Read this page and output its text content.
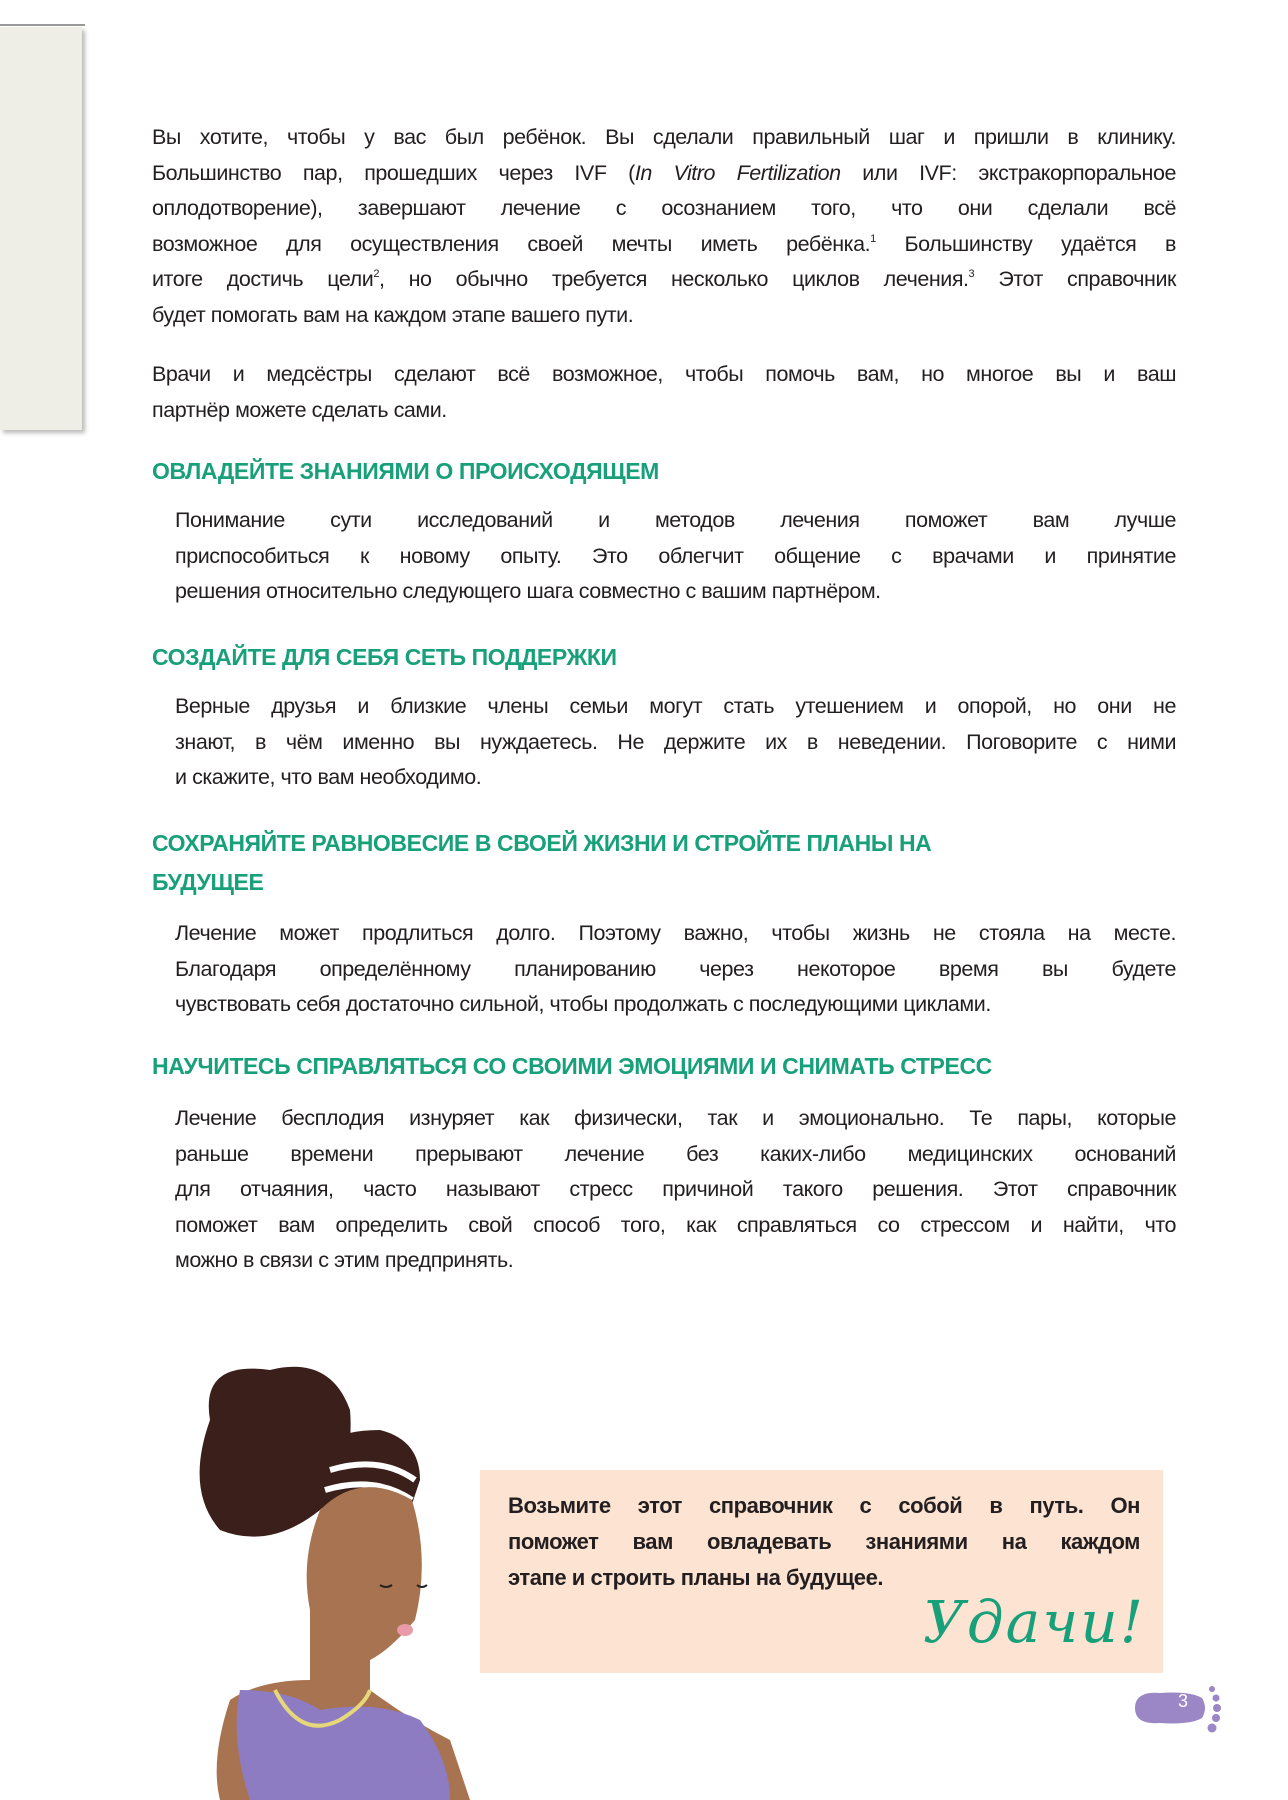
Вы хотите, чтобы у вас был ребёнок. Вы сделали правильный шаг и пришли в клинику.
Большинство пар, прошедших через IVF (In Vitro Fertilization или IVF: экстракорпоральное
оплодотворение), завершают лечение с осознанием того, что они сделали всё
возможное для осуществления своей мечты иметь ребёнка.$^1$ Большинству удаётся в
итоге достичь цели$^2$, но обычно требуется несколько циклов лечения.$^3$ Этот справочник
будет помогать вам на каждом этапе вашего пути.
Врачи и медсёстры сделают всё возможное, чтобы помочь вам, но многое вы и ваш
партнёр можете сделать сами.
ОВЛАДЕЙТЕ ЗНАНИЯМИ О ПРОИСХОДЯЩЕМ
Понимание сути исследований и методов лечения поможет вам лучше
приспособиться к новому опыту. Это облегчит общение с врачами и принятие
решения относительно следующего шага совместно с вашим партнёром.
СОЗДАЙТЕ ДЛЯ СЕБЯ СЕТЬ ПОДДЕРЖКИ
Верные друзья и близкие члены семьи могут стать утешением и опорой, но они не
знают, в чём именно вы нуждаетесь. Не держите их в неведении. Поговорите с ними
и скажите, что вам необходимо.
СОХРАНЯЙТЕ РАВНОВЕСИЕ В СВОЕЙ ЖИЗНИ И СТРОЙТЕ ПЛАНЫ НА
БУДУЩЕЕ
Лечение может продлиться долго. Поэтому важно, чтобы жизнь не стояла на месте.
Благодаря определённому планированию через некоторое время вы будете
чувствовать себя достаточно сильной, чтобы продолжать с последующими циклами.
НАУЧИТЕСЬ СПРАВЛЯТЬСЯ СО СВОИМИ ЭМОЦИЯМИ И СНИМАТЬ СТРЕСС
Лечение бесплодия изнуряет как физически, так и эмоционально. Те пары, которые
раньше времени прерывают лечение без каких-либо медицинских оснований
для отчаяния, часто называют стресс причиной такого решения. Этот справочник
поможет вам определить свой способ того, как справляться со стрессом и найти, что
можно в связи с этим предпринять.
Возьмите этот справочник с собой в путь. Он
поможет вам овладевать знаниями на каждом
этапе и строить планы на будущее.
Удачи!
3
